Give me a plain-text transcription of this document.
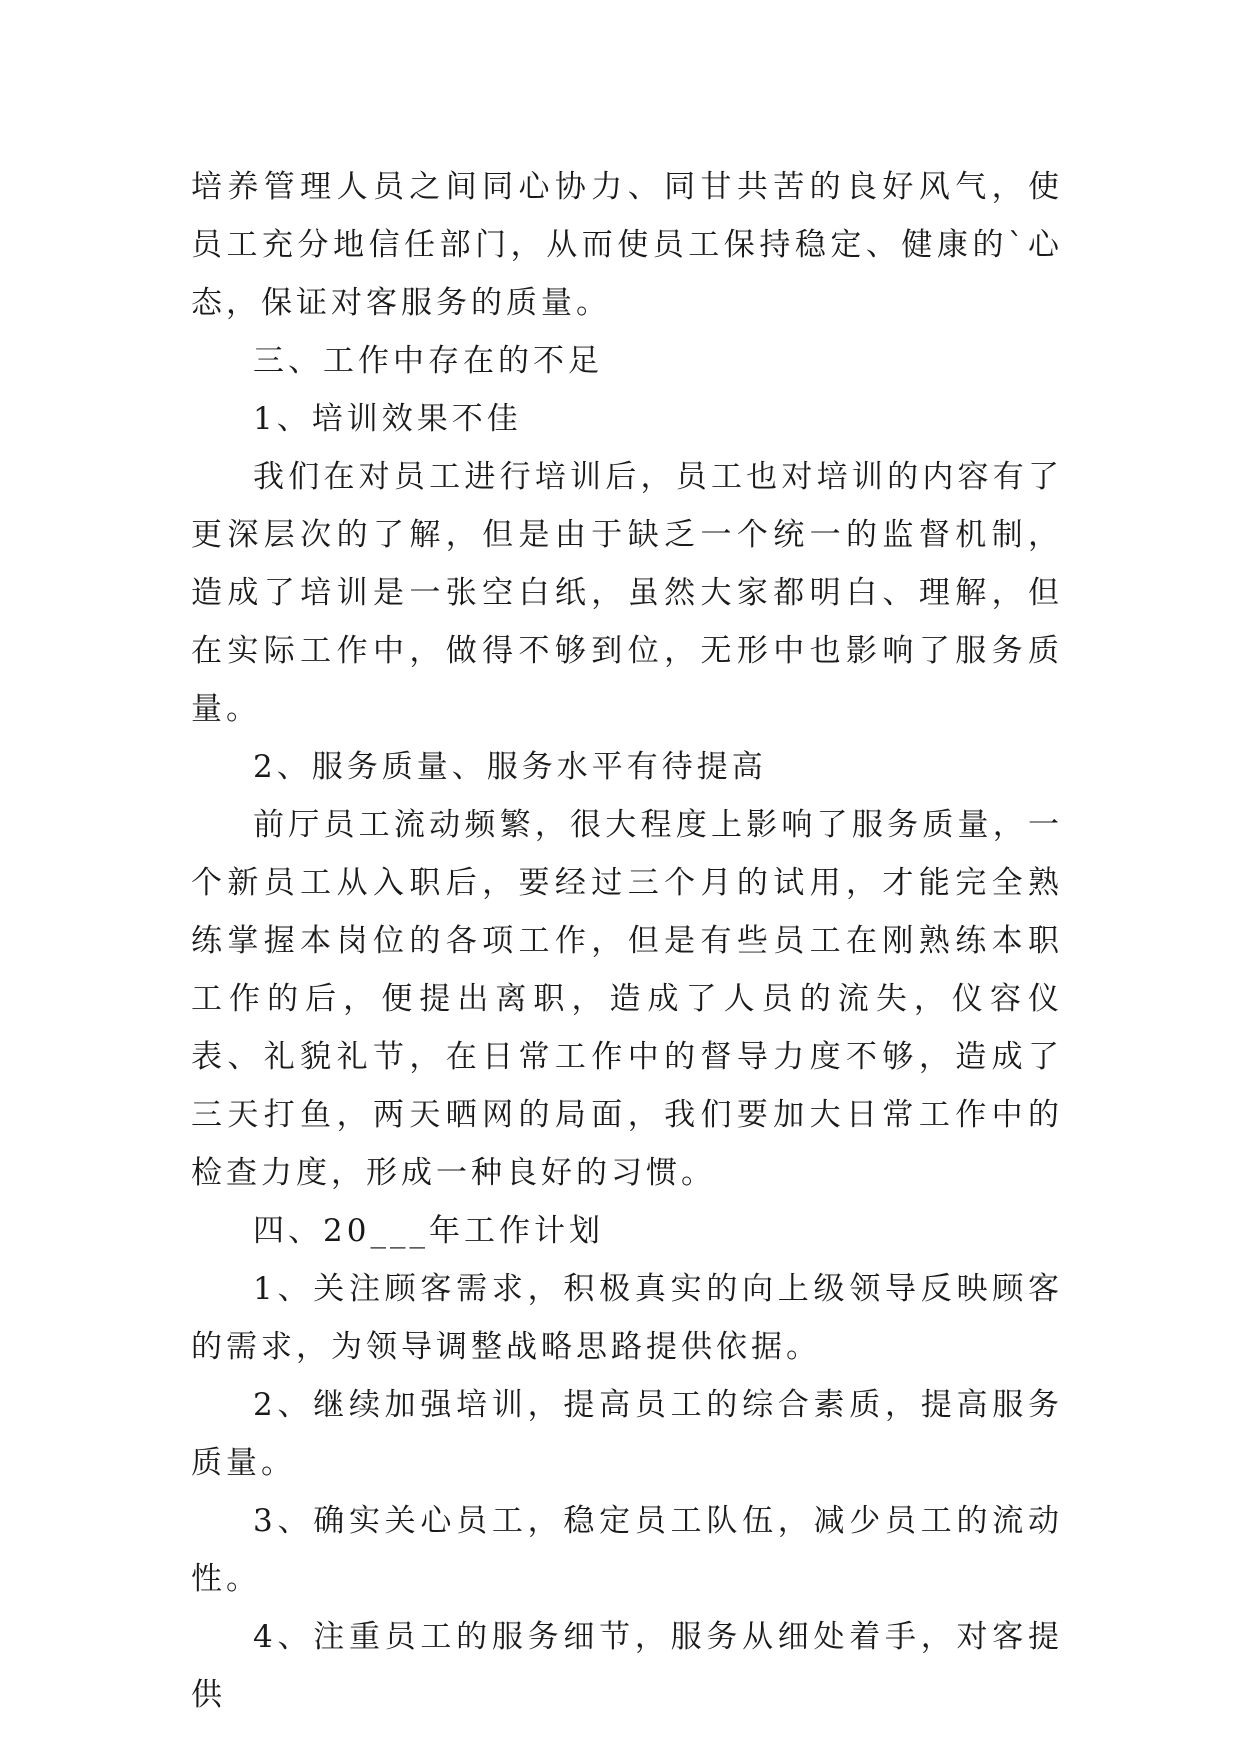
培养管理人员之间同心协力、同甘共苦的良好风气，使员工充分地信任部门，从而使员工保持稳定、健康的`心态，保证对客服务的质量。

三、工作中存在的不足

1、培训效果不佳

我们在对员工进行培训后，员工也对培训的内容有了更深层次的了解，但是由于缺乏一个统一的监督机制，造成了培训是一张空白纸，虽然大家都明白、理解，但在实际工作中，做得不够到位，无形中也影响了服务质量。

2、服务质量、服务水平有待提高

前厅员工流动频繁，很大程度上影响了服务质量，一个新员工从入职后，要经过三个月的试用，才能完全熟练掌握本岗位的各项工作，但是有些员工在刚熟练本职工作的后，便提出离职，造成了人员的流失，仪容仪表、礼貌礼节，在日常工作中的督导力度不够，造成了三天打鱼，两天晒网的局面，我们要加大日常工作中的检查力度，形成一种良好的习惯。

四、20___年工作计划

1、关注顾客需求，积极真实的向上级领导反映顾客的需求，为领导调整战略思路提供依据。

2、继续加强培训，提高员工的综合素质，提高服务质量。

3、确实关心员工，稳定员工队伍，减少员工的流动性。

4、注重员工的服务细节，服务从细处着手，对客提供
